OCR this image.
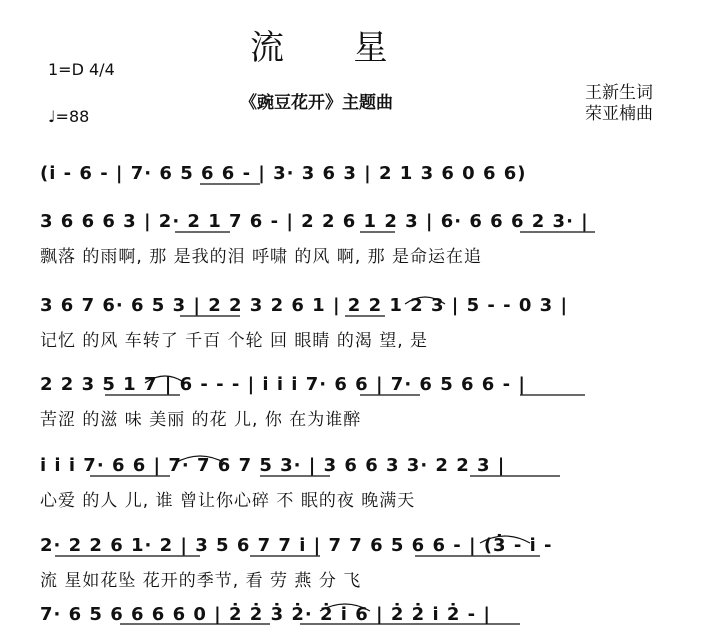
流　　星
1=D 4/4
♩=88
《豌豆花开》主题曲	王新生词
荣亚楠曲
(i̇ - 6 - | 7· 6 5 6 6 - | 3· 3 6 3 | 2 1 3 6 0 6 6)
3 6 6 6 3 | 2· 2 1 7 6 - | 2 2 6 1 2 3 | 6· 6 6 6 2 3· |
飘落 的雨啊, 那 是我的泪 呼啸 的风 啊, 那 是命运在追
3 6 7 6· 6 5 3 | 2 2 3 2 6 1 | 2 2 1 2 3 | 5 - - 0 3 |
记忆 的风 车转了 千百 个轮 回 眼睛 的渴 望, 是
2 2 3 5 1 7 | 6 - - - | i̇ i̇ i̇ 7· 6 6 | 7· 6 5 6 6 - |
苦涩 的滋 味 美丽 的花 儿, 你 在为谁醉
i̇ i̇ i̇ 7· 6 6 | 7· 7 6 7 5 3· | 3 6 6 3 3· 2 2 3 |
心爱 的人 儿, 谁 曾让你心碎 不 眠的夜 晚满天
2· 2 2 6 1· 2 | 3 5 6 7 7 i̇ | 7 7 6 5 6 6 - | (3̇ - i̇ -
流 星如花坠 花开的季节, 看 劳 燕 分 飞
7· 6 5 6 6 6 6 0 | 2̇ 2̇ 3̇ 2̇· 2̇ i̇ 6 | 2̇ 2̇ i̇ 2̇ - |
